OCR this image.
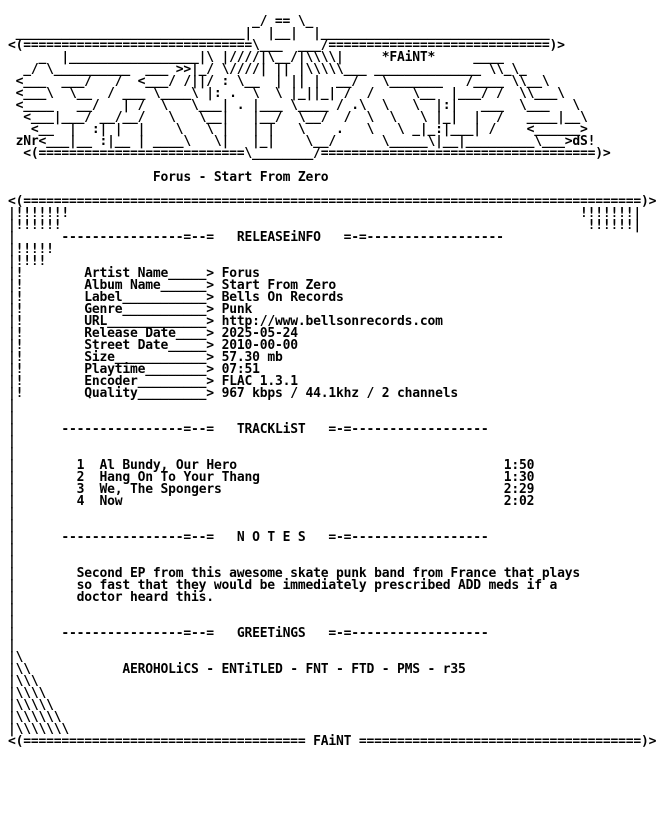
_/ == \_
______________________________|  |__|  |______________________________
<(==============================\___  ___/=============================)>
_  |_________________|\ |////|\__/|\\\\|     *FAiNT*     ____
_/ \__________  ___ >>|_/ \////| || |\\\\\___ ______________ \\_\_
<___  ___/   /  <___/ /||/ : \__  | || |  __/   \_______   /____ \\__\
<___\  \__  / ___ \____\ |: .  \  \ |_||_| /  /     \__  |___/ /  \\___\
<____   __/   | /  \   \___| . |___ \____ / .\  \   \  |:|   ___  \___   \
<___|___/ __/__/   \   \__|   |__/  \__/  /  \  \   \ |_|  |  /   ____|__\
<__  |  :| |  |    \   \ |   | |   \    .   \   \ _|_:|___| /    <______>
zNr<___|__ :|__ | ____\   \|   |_|    \__/      \_____\|__|_________\___>dS!
<(===========================\________/====================================)>

Forus - Start From Zero

<(=================================================================================)>
|!!!!!!!                                                                   !!!!!!!|
|!!!!!!                                                                     !!!!!!|
|      ----------------=--=   RELEASEiNFO   =-=------------------
|!!!!!
|!!!!
|!        Artist Name_____> Forus
|!        Album Name______> Start From Zero
|!        Label___________> Bells On Records
|!        Genre___________> Punk
|!        URL_____________> http://www.bellsonrecords.com
|!        Release Date____> 2025-05-24
|!        Street Date_____> 2010-00-00
|!        Size____________> 57.30 mb
|!        Playtime________> 07:51
|!        Encoder_________> FLAC 1.3.1
|!        Quality_________> 967 kbps / 44.1khz / 2 channels
|
|
|      ----------------=--=   TRACKLiST   =-=------------------
|
|
|        1 Al Bundy, Our Hero	1:50
|        2 Hang On To Your Thang	1:30
|        3 We, The Spongers	2:29
|        4 Now	2:02
|
|
|      ----------------=--=   N O T E S   =-=------------------
|
|
|        Second EP from this awesome skate punk band from France that plays
|        so fast that they would be immediately prescribed ADD meds if a
|        doctor heard this.
|
|
|      ----------------=--=   GREETiNGS   =-=------------------
|
|\
|\\            AEROHOLiCS - ENTiTLED - FNT - FTD - PMS - r35
|\\\
|\\\\
|\\\\\
|\\\\\\
|\\\\\\\
<(===================================== FAiNT =====================================)>
